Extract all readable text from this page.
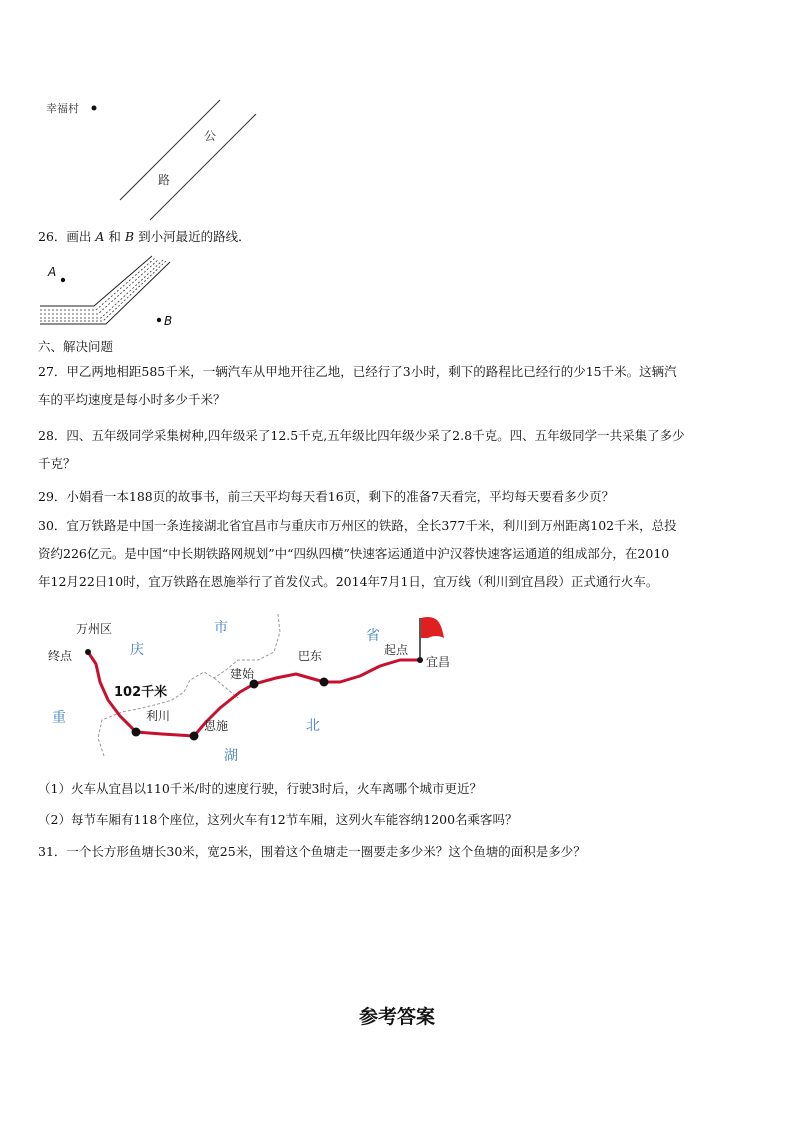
幸福村
公
路
26．画出 A 和 B 到小河最近的路线．
A
B
六、解决问题
27．甲乙两地相距585千米，一辆汽车从甲地开往乙地，已经行了3小时，剩下的路程比已经行的少15千米。这辆汽
车的平均速度是每小时多少千米？
28．四、五年级同学采集树种,四年级采了12.5千克,五年级比四年级少采了2.8千克。四、五年级同学一共采集了多少
千克？
29．小娟看一本188页的故事书，前三天平均每天看16页，剩下的准备7天看完，平均每天要看多少页？
30．宜万铁路是中国一条连接湖北省宜昌市与重庆市万州区的铁路，全长377千米，利川到万州距离102千米，总投
资约226亿元。是中国“中长期铁路网规划”中“四纵四横”快速客运通道中沪汉蓉快速客运通道的组成部分，在2010
年12月22日10时，宜万铁路在恩施举行了首发仪式。2014年7月1日，宜万线（利川到宜昌段）正式通行火车。
万州区
终点	庆
市	省
起点
宜昌
巴东
建始
102千米
利川
恩施
湖
北
重
（1）火车从宜昌以110千米/时的速度行驶，行驶3时后，火车离哪个城市更近？
（2）每节车厢有118个座位，这列火车有12节车厢，这列火车能容纳1200名乘客吗？
31．一个长方形鱼塘长30米，宽25米，围着这个鱼塘走一圈要走多少米？这个鱼塘的面积是多少？
参考答案
